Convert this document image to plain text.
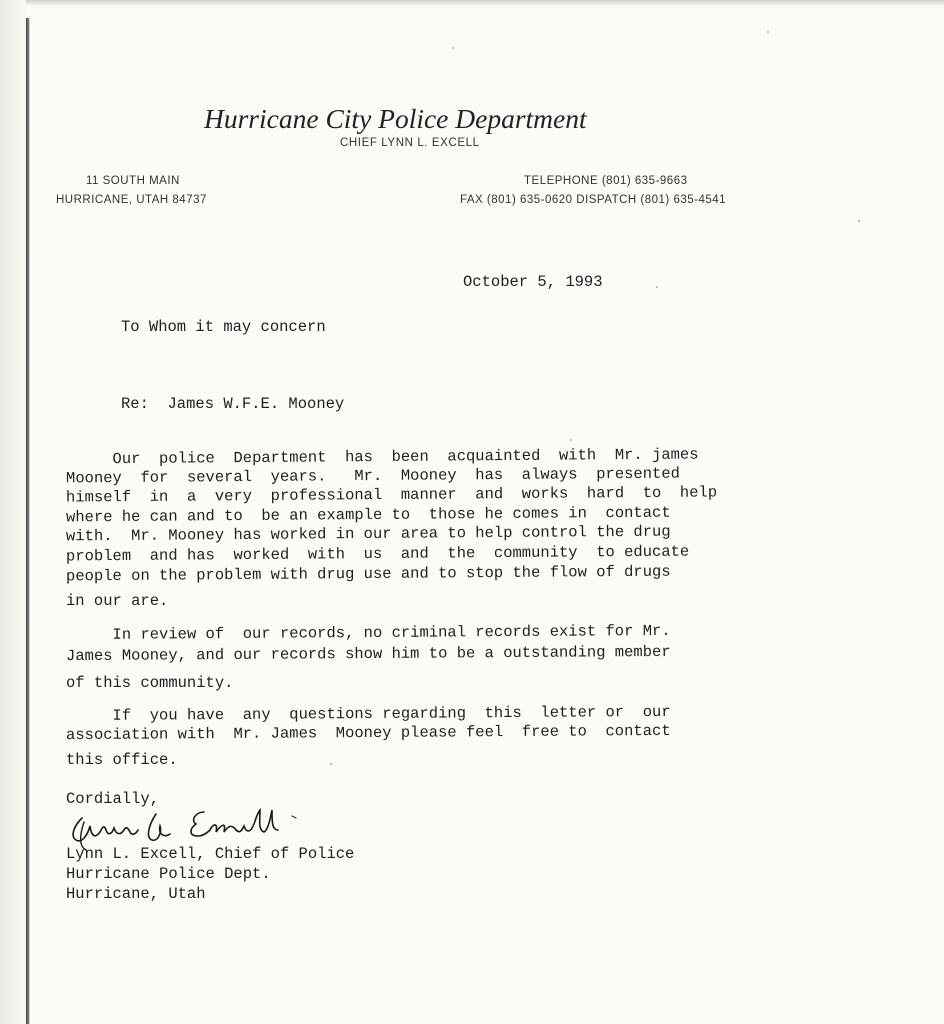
Hurricane City Police Department
CHIEF LYNN L. EXCELL
11 SOUTH MAIN
HURRICANE, UTAH 84737
TELEPHONE (801) 635-9663
FAX (801) 635-0620 DISPATCH (801) 635-4541
October 5, 1993
To Whom it may concern
Re:  James W.F.E. Mooney
Our  police  Department  has  been  acquainted  with  Mr. james
Mooney  for  several  years.   Mr.  Mooney  has  always  presented
himself  in  a  very  professional  manner  and  works  hard  to  help
where he can and to  be an example to  those he comes in  contact
with.  Mr. Mooney has worked in our area to help control the drug
problem  and has  worked  with  us  and  the  community  to educate
people on the problem with drug use and to stop the flow of drugs
in our are.
In review of  our records, no criminal records exist for Mr.
James Mooney, and our records show him to be a outstanding member
of this community.
If  you have  any  questions regarding  this  letter or  our
association with  Mr. James  Mooney please feel  free to  contact
this office.
Cordially,
Lynn L. Excell, Chief of Police
Hurricane Police Dept.
Hurricane, Utah
